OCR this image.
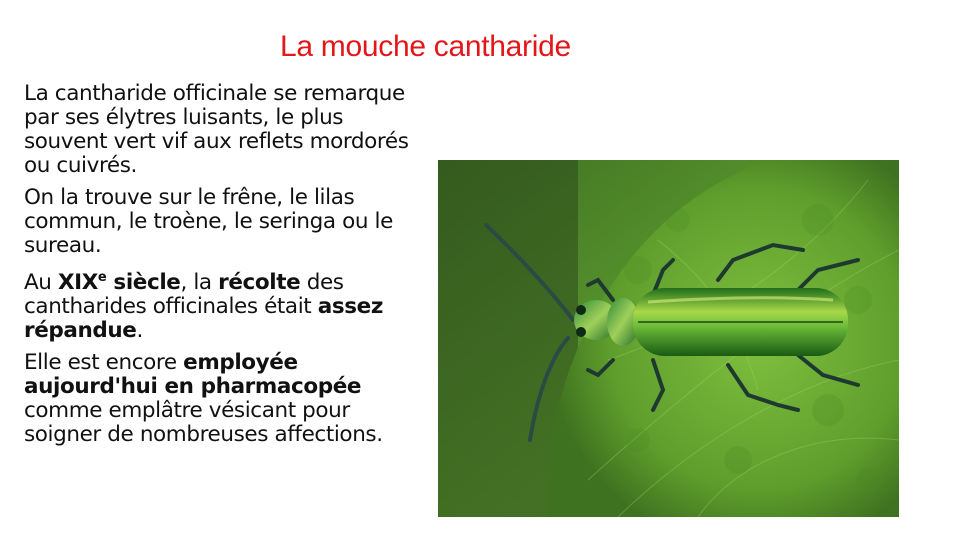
La mouche cantharide

La cantharide officinale se remarque par ses élytres luisants, le plus souvent vert vif aux reflets mordorés ou cuivrés.

On la trouve sur le frêne, le lilas commun, le troène, le seringa ou le sureau.

Au XIXe siècle, la récolte des cantharides officinales était assez répandue.

Elle est encore employée aujourd'hui en pharmacopée comme emplâtre vésicant pour soigner de nombreuses affections.
